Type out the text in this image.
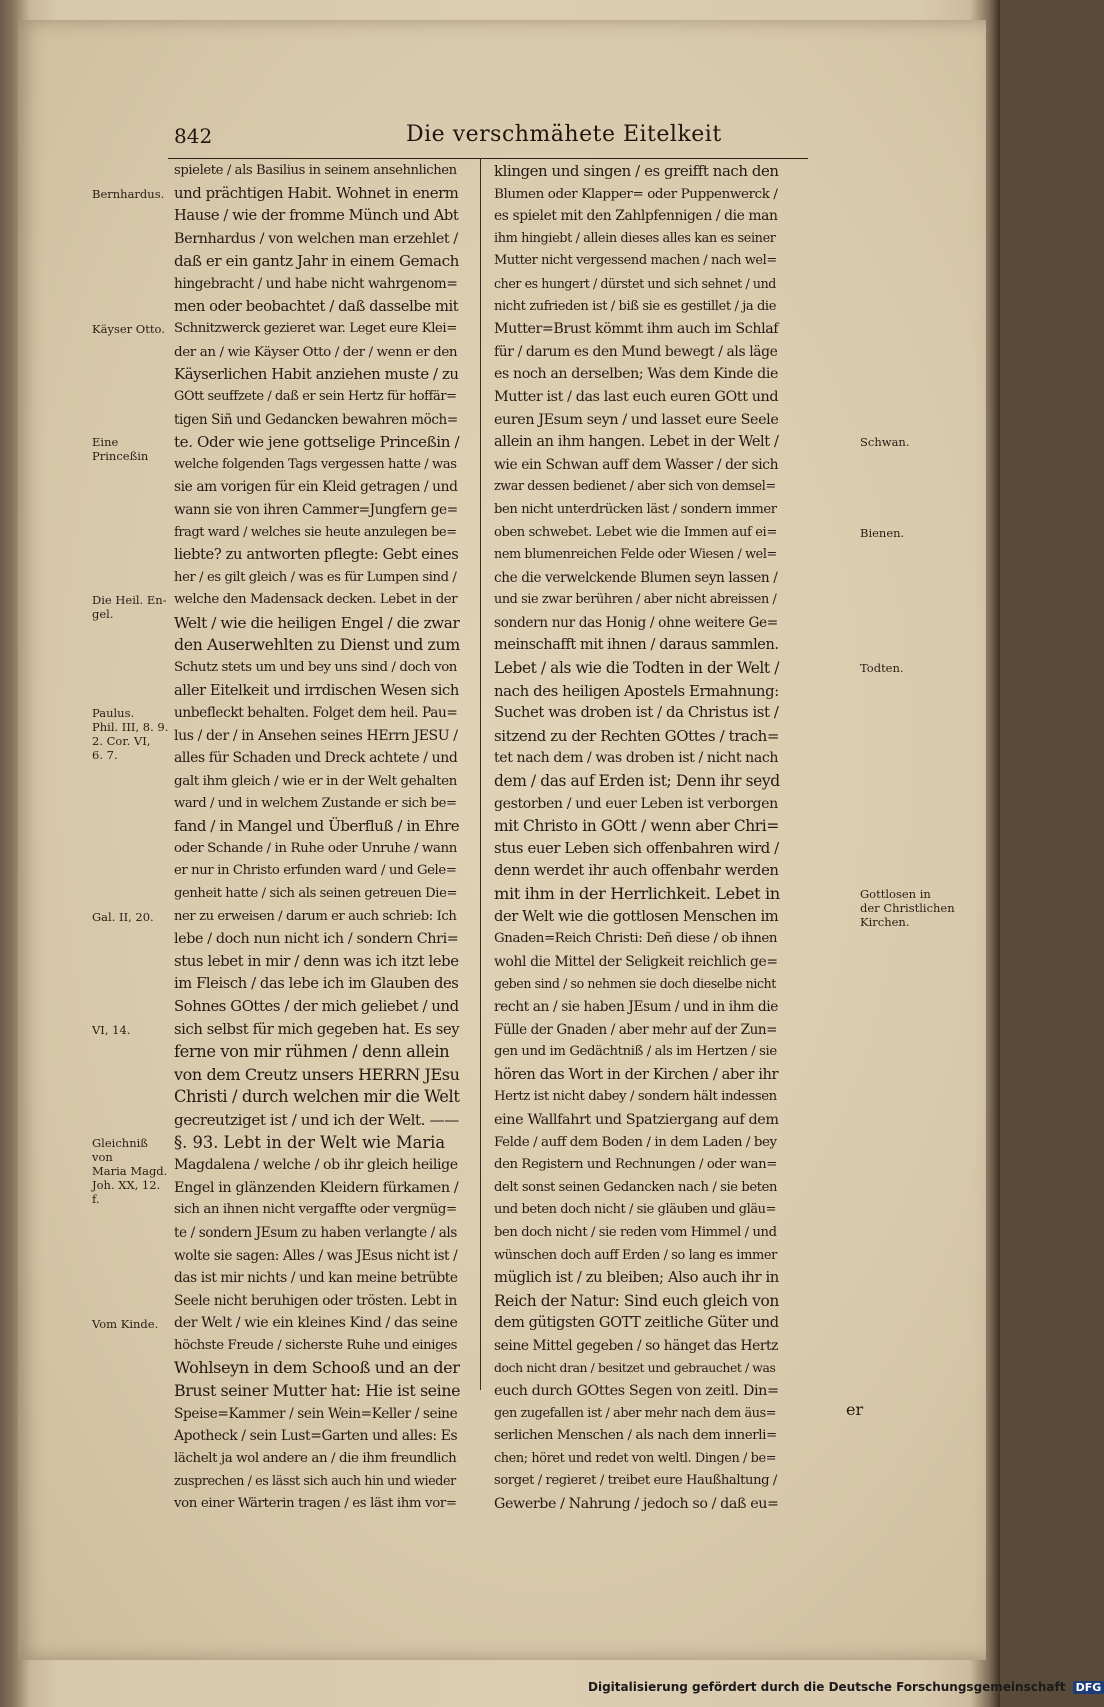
842	Die verschmähete Eitelkeit
spielete / als Basilius in seinem ansehnlichen
und prächtigen Habit. Wohnet in enerm
Hause / wie der fromme Münch und Abt
Bernhardus / von welchen man erzehlet /
daß er ein gantz Jahr in einem Gemach
hingebracht / und habe nicht wahrgenom=
men oder beobachtet / daß dasselbe mit
Schnitzwerck gezieret war. Leget eure Klei=
der an / wie Käyser Otto / der / wenn er den
Käyserlichen Habit anziehen muste / zu
GOtt seuffzete / daß er sein Hertz für hoffär=
tigen Siñ und Gedancken bewahren möch=
te. Oder wie jene gottselige Princeßin /
welche folgenden Tags vergessen hatte / was
sie am vorigen für ein Kleid getragen / und
wann sie von ihren Cammer=Jungfern ge=
fragt ward / welches sie heute anzulegen be=
liebte? zu antworten pflegte: Gebt eines
her / es gilt gleich / was es für Lumpen sind /
welche den Madensack decken. Lebet in der
Welt / wie die heiligen Engel / die zwar
den Auserwehlten zu Dienst und zum
Schutz stets um und bey uns sind / doch von
aller Eitelkeit und irrdischen Wesen sich
unbefleckt behalten. Folget dem heil. Pau=
lus / der / in Ansehen seines HErrn JESU /
alles für Schaden und Dreck achtete / und
galt ihm gleich / wie er in der Welt gehalten
ward / und in welchem Zustande er sich be=
fand / in Mangel und Überfluß / in Ehre
oder Schande / in Ruhe oder Unruhe / wann
er nur in Christo erfunden ward / und Gele=
genheit hatte / sich als seinen getreuen Die=
ner zu erweisen / darum er auch schrieb: Ich
lebe / doch nun nicht ich / sondern Chri=
stus lebet in mir / denn was ich itzt lebe
im Fleisch / das lebe ich im Glauben des
Sohnes GOttes / der mich geliebet / und
sich selbst für mich gegeben hat. Es sey
ferne von mir rühmen / denn allein
von dem Creutz unsers HERRN JEsu
Christi / durch welchen mir die Welt
gecreutziget ist / und ich der Welt. ——
§. 93. Lebt in der Welt wie Maria
Magdalena / welche / ob ihr gleich heilige
Engel in glänzenden Kleidern fürkamen /
sich an ihnen nicht vergaffte oder vergnüg=
te / sondern JEsum zu haben verlangte / als
wolte sie sagen: Alles / was JEsus nicht ist /
das ist mir nichts / und kan meine betrübte
Seele nicht beruhigen oder trösten. Lebt in
der Welt / wie ein kleines Kind / das seine
höchste Freude / sicherste Ruhe und einiges
Wohlseyn in dem Schooß und an der
Brust seiner Mutter hat: Hie ist seine
Speise=Kammer / sein Wein=Keller / seine
Apotheck / sein Lust=Garten und alles: Es
lächelt ja wol andere an / die ihm freundlich
zusprechen / es lässt sich auch hin und wieder
von einer Wärterin tragen / es läst ihm vor=
klingen und singen / es greifft nach den
Blumen oder Klapper= oder Puppenwerck /
es spielet mit den Zahlpfennigen / die man
ihm hingiebt / allein dieses alles kan es seiner
Mutter nicht vergessend machen / nach wel=
cher es hungert / dürstet und sich sehnet / und
nicht zufrieden ist / biß sie es gestillet / ja die
Mutter=Brust kömmt ihm auch im Schlaf
für / darum es den Mund bewegt / als läge
es noch an derselben; Was dem Kinde die
Mutter ist / das last euch euren GOtt und
euren JEsum seyn / und lasset eure Seele
allein an ihm hangen. Lebet in der Welt /
wie ein Schwan auff dem Wasser / der sich
zwar dessen bedienet / aber sich von demsel=
ben nicht unterdrücken läst / sondern immer
oben schwebet. Lebet wie die Immen auf ei=
nem blumenreichen Felde oder Wiesen / wel=
che die verwelckende Blumen seyn lassen /
und sie zwar berühren / aber nicht abreissen /
sondern nur das Honig / ohne weitere Ge=
meinschafft mit ihnen / daraus sammlen.
Lebet / als wie die Todten in der Welt /
nach des heiligen Apostels Ermahnung:
Suchet was droben ist / da Christus ist /
sitzend zu der Rechten GOttes / trach=
tet nach dem / was droben ist / nicht nach
dem / das auf Erden ist; Denn ihr seyd
gestorben / und euer Leben ist verborgen
mit Christo in GOtt / wenn aber Chri=
stus euer Leben sich offenbahren wird /
denn werdet ihr auch offenbahr werden
mit ihm in der Herrlichkeit. Lebet in
der Welt wie die gottlosen Menschen im
Gnaden=Reich Christi: Deñ diese / ob ihnen
wohl die Mittel der Seligkeit reichlich ge=
geben sind / so nehmen sie doch dieselbe nicht
recht an / sie haben JEsum / und in ihm die
Fülle der Gnaden / aber mehr auf der Zun=
gen und im Gedächtniß / als im Hertzen / sie
hören das Wort in der Kirchen / aber ihr
Hertz ist nicht dabey / sondern hält indessen
eine Wallfahrt und Spatziergang auf dem
Felde / auff dem Boden / in dem Laden / bey
den Registern und Rechnungen / oder wan=
delt sonst seinen Gedancken nach / sie beten
und beten doch nicht / sie gläuben und gläu=
ben doch nicht / sie reden vom Himmel / und
wünschen doch auff Erden / so lang es immer
müglich ist / zu bleiben; Also auch ihr in
Reich der Natur: Sind euch gleich von
dem gütigsten GOTT zeitliche Güter und
seine Mittel gegeben / so hänget das Hertz
doch nicht dran / besitzet und gebrauchet / was
euch durch GOttes Segen von zeitl. Din=
gen zugefallen ist / aber mehr nach dem äus=
serlichen Menschen / als nach dem innerli=
chen; höret und redet von weltl. Dingen / be=
sorget / regieret / treibet eure Haußhaltung /
Gewerbe / Nahrung / jedoch so / daß eu=
Bernhardus.
Käyser Otto.
Eine Princeßin
Die Heil. En-
gel.
Paulus.
Phil. III, 8. 9.
2. Cor. VI,
6. 7.
Gal. II, 20.
VI, 14.
Gleichniß von
Maria Magd.
Joh. XX, 12. f.
Vom Kinde.
Schwan.
Bienen.
Todten.
Gottlosen in
der Christlichen
Kirchen.
er
Digitalisierung gefördert durch die Deutsche Forschungsgemeinschaft DFG
